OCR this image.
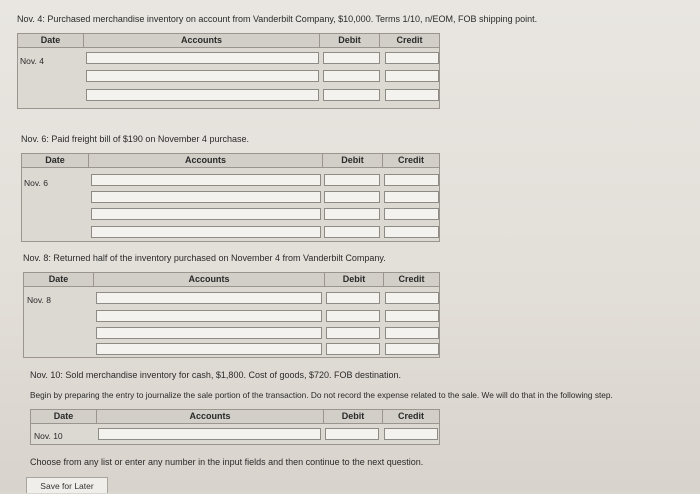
Nov. 4: Purchased merchandise inventory on account from Vanderbilt Company, $10,000. Terms 1/10, n/EOM, FOB shipping point.
Date	Accounts	Debit	Credit
Nov. 4
Nov. 6: Paid freight bill of $190 on November 4 purchase.
Date	Accounts	Debit	Credit
Nov. 6
Nov. 8: Returned half of the inventory purchased on November 4 from Vanderbilt Company.
Date	Accounts	Debit	Credit
Nov. 8
Nov. 10: Sold merchandise inventory for cash, $1,800. Cost of goods, $720. FOB destination.
Begin by preparing the entry to journalize the sale portion of the transaction. Do not record the expense related to the sale. We will do that in the following step.
Date	Accounts	Debit	Credit
Nov. 10
Choose from any list or enter any number in the input fields and then continue to the next question.
Save for Later
